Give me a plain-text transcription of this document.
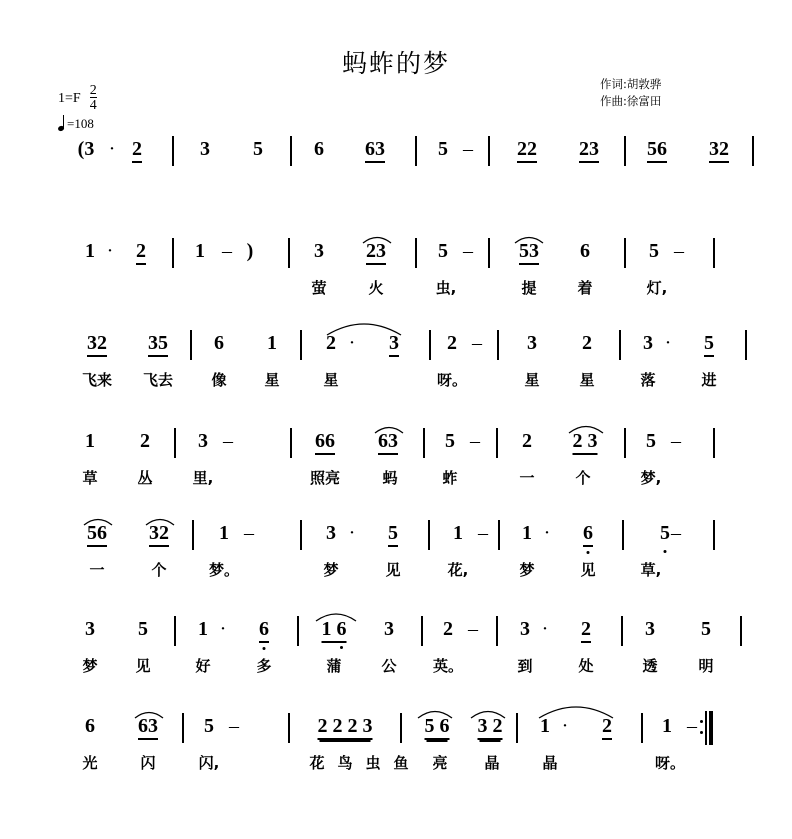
蚂蚱的梦
作词:胡敦骅
作曲:徐富田
$1=F \frac{2}{4}$
=108
(3 · 2	3 5	6 63	5 – 22 23 56 32
1 · 2 1 – )	3 23	5 – 53 6	5 –
萤	火	虫,	提	着	灯,
32 35 6 1 2 · 3 2 – 3 2	3 · 5
飞来 飞去	像	星	星	呀。	星	星	落	进
1 2 3 –	66 63 5 – 2 2 3 5 –
草	丛	里,	照亮	蚂	蚱	一	个	梦,
56 32	1 –	3 · 5	1 – 1 · 6
	5 –
一	个	梦。	梦	见	花,	梦	见	草,
3 5	1 · 6	1 6 3 2 – 3 · 2	3 5
梦	见	好	多	蒲	公 英。	到	处	透	明
6 63 5 –	2 2 2 3	5 6 3 2 1 · 2	1 –
光	闪	闪,	花 鸟 虫 鱼 亮 晶	晶	呀。
